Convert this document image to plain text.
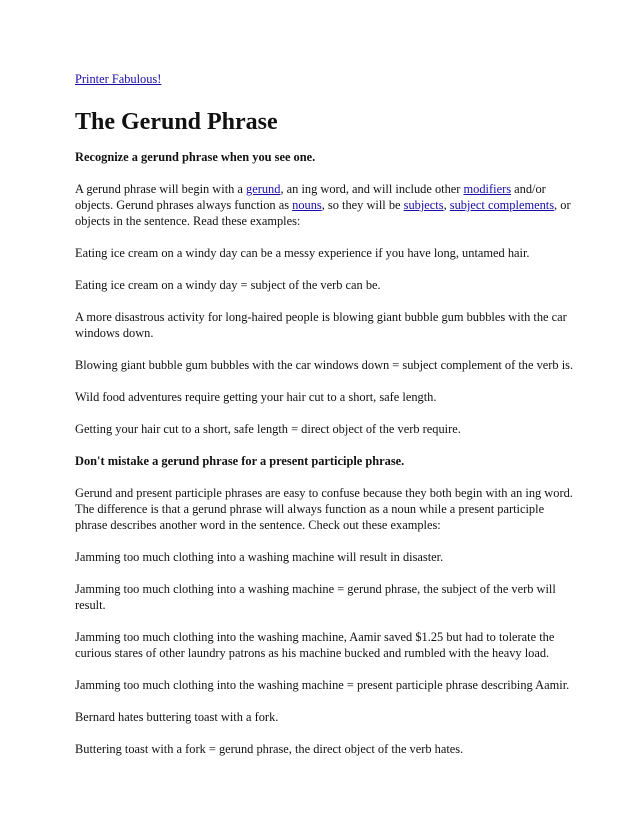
Printer Fabulous!
The Gerund Phrase

Recognize a gerund phrase when you see one.

A gerund phrase will begin with a gerund, an ing word, and will include other modifiers and/or objects. Gerund phrases always function as nouns, so they will be subjects, subject complements, or objects in the sentence. Read these examples:

Eating ice cream on a windy day can be a messy experience if you have long, untamed hair.

Eating ice cream on a windy day = subject of the verb can be.

A more disastrous activity for long-haired people is blowing giant bubble gum bubbles with the car windows down.

Blowing giant bubble gum bubbles with the car windows down = subject complement of the verb is.

Wild food adventures require getting your hair cut to a short, safe length.

Getting your hair cut to a short, safe length = direct object of the verb require.

Don't mistake a gerund phrase for a present participle phrase.

Gerund and present participle phrases are easy to confuse because they both begin with an ing word. The difference is that a gerund phrase will always function as a noun while a present participle phrase describes another word in the sentence. Check out these examples:

Jamming too much clothing into a washing machine will result in disaster.

Jamming too much clothing into a washing machine = gerund phrase, the subject of the verb will result.

Jamming too much clothing into the washing machine, Aamir saved $1.25 but had to tolerate the curious stares of other laundry patrons as his machine bucked and rumbled with the heavy load.

Jamming too much clothing into the washing machine = present participle phrase describing Aamir.

Bernard hates buttering toast with a fork.

Buttering toast with a fork = gerund phrase, the direct object of the verb hates.
